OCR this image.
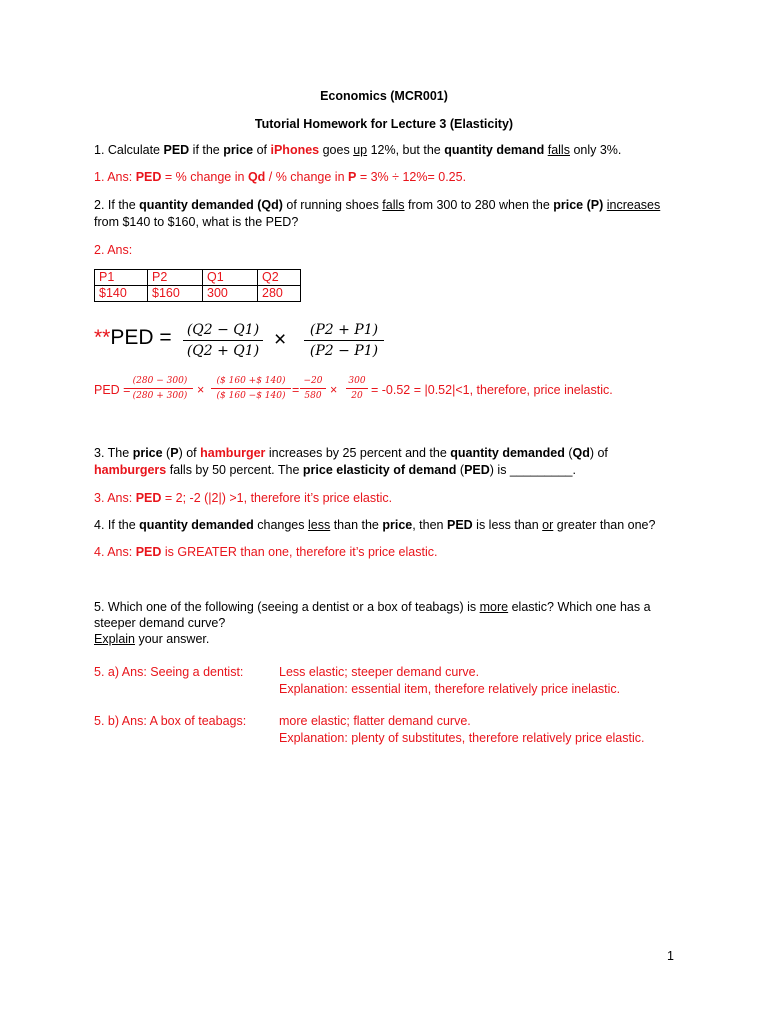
Economics (MCR001)
Tutorial Homework for Lecture 3 (Elasticity)
1. Calculate PED if the price of iPhones goes up 12%, but the quantity demand falls only 3%.
1. Ans: PED = % change in Qd / % change in P = 3% ÷ 12%= 0.25.
2. If the quantity demanded (Qd) of running shoes falls from 300 to 280 when the price (P) increases
from $140 to $160, what is the PED?
2. Ans:
P1	P2	Q1	Q2
$140	$160	300	280
$**PED = \frac{(Q2 - Q1)}{(Q2 + Q1)} \times \frac{(P2 + P1)}{(P2 - P1)}$
PED =
$\frac{(280 - 300)}{(280 + 300)} \times \frac{(\$ 160 +\$ 140)}{(\$ 160 -\$ 140)} = \frac{-20}{580} \times \frac{300}{20} = -0.52 = |0.52|<1$, therefore, price inelastic.
3. The price (P) of hamburger increases by 25 percent and the quantity demanded (Qd) of
hamburgers falls by 50 percent. The price elasticity of demand (PED) is _________.
3. Ans: PED = 2; -2 (|2|) >1, therefore it’s price elastic.
4. If the quantity demanded changes less than the price, then PED is less than or greater than one?
4. Ans: PED is GREATER than one, therefore it’s price elastic.
5. Which one of the following (seeing a dentist or a box of teabags) is more elastic? Which one has a
steeper demand curve?
Explain your answer.
5. a) Ans: Seeing a dentist:	Less elastic; steeper demand curve.
Explanation: essential item, therefore relatively price inelastic.
5. b) Ans: A box of teabags:	more elastic; flatter demand curve.
Explanation: plenty of substitutes, therefore relatively price elastic.
1
